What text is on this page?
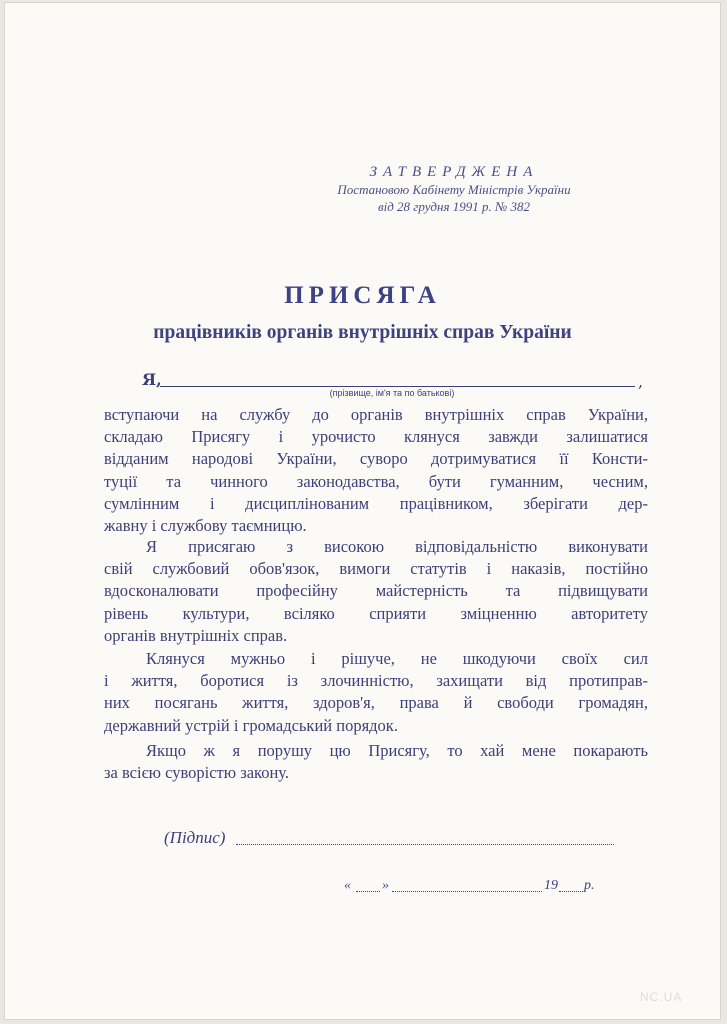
ЗАТВЕРДЖЕНА
Постановою Кабінету Міністрів України
від 28 грудня 1991 р. № 382
ПРИСЯГА
працівників органів внутрішніх справ України
Я,	,
(прізвище, ім'я та по батькові)
вступаючи на службу до органів внутрішніх справ України,
складаю Присягу і урочисто клянуся завжди залишатися
відданим народові України, суворо дотримуватися її Консти-
туції та чинного законодавства, бути гуманним, чесним,
сумлінним і дисциплінованим працівником, зберігати дер-
жавну і службову таємницю.
Я присягаю з високою відповідальністю виконувати
свій службовий обов'язок, вимоги статутів і наказів, постійно
вдосконалювати професійну майстерність та підвищувати
рівень культури, всіляко сприяти зміцненню авторитету
органів внутрішніх справ.
Клянуся мужньо і рішуче, не шкодуючи своїх сил
і життя, боротися із злочинністю, захищати від протиправ-
них посягань життя, здоров'я, права й свободи громадян,
державний устрій і громадський порядок.
Якщо ж я порушу цю Присягу, то хай мене покарають
за всією суворістю закону.
(Підпис)
« »	19 р.
NC.UA
